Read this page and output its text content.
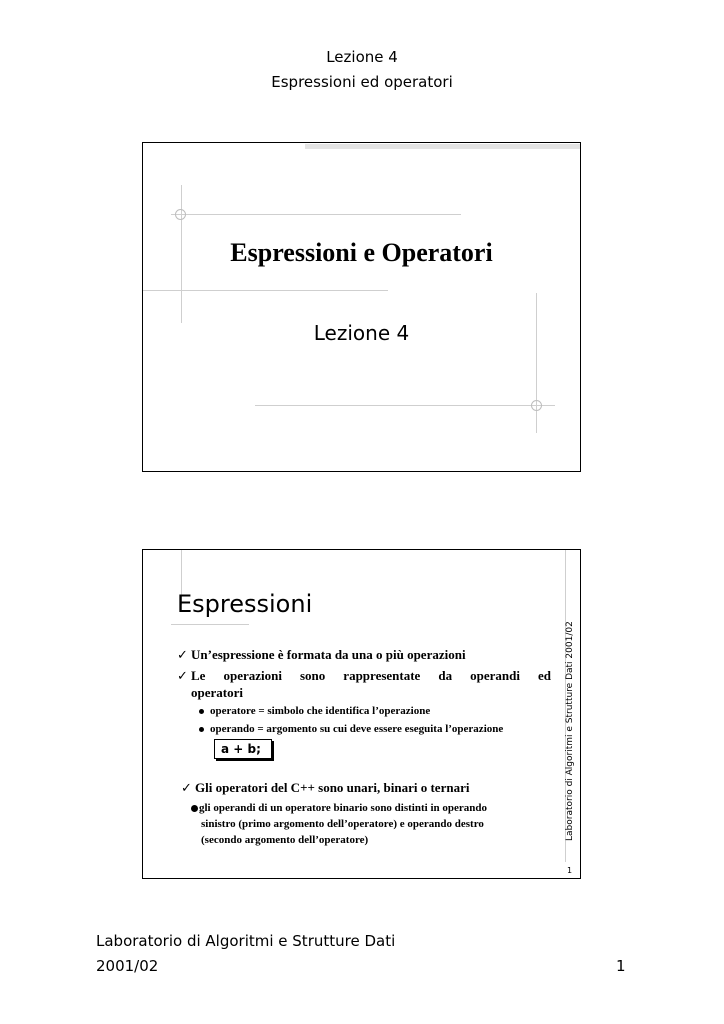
Lezione 4
Espressioni ed operatori
Espressioni e Operatori
Lezione 4
Espressioni
✓ Un’espressione è formata da una o più operazioni
✓ Le operazioni sono rappresentate da operandi ed
operatori
operatore = simbolo che identifica l’operazione
operando = argomento su cui deve essere eseguita l’operazione
a + b;
✓ Gli operatori del C++ sono unari, binari o ternari
gli operandi di un operatore binario sono distinti in operando
sinistro (primo argomento dell’operatore) e operando destro
(secondo argomento dell’operatore)	Laboratorio di Algoritmi e Strutture Dati 2001/02
1
Laboratorio di Algoritmi e Strutture Dati
2001/02	1
